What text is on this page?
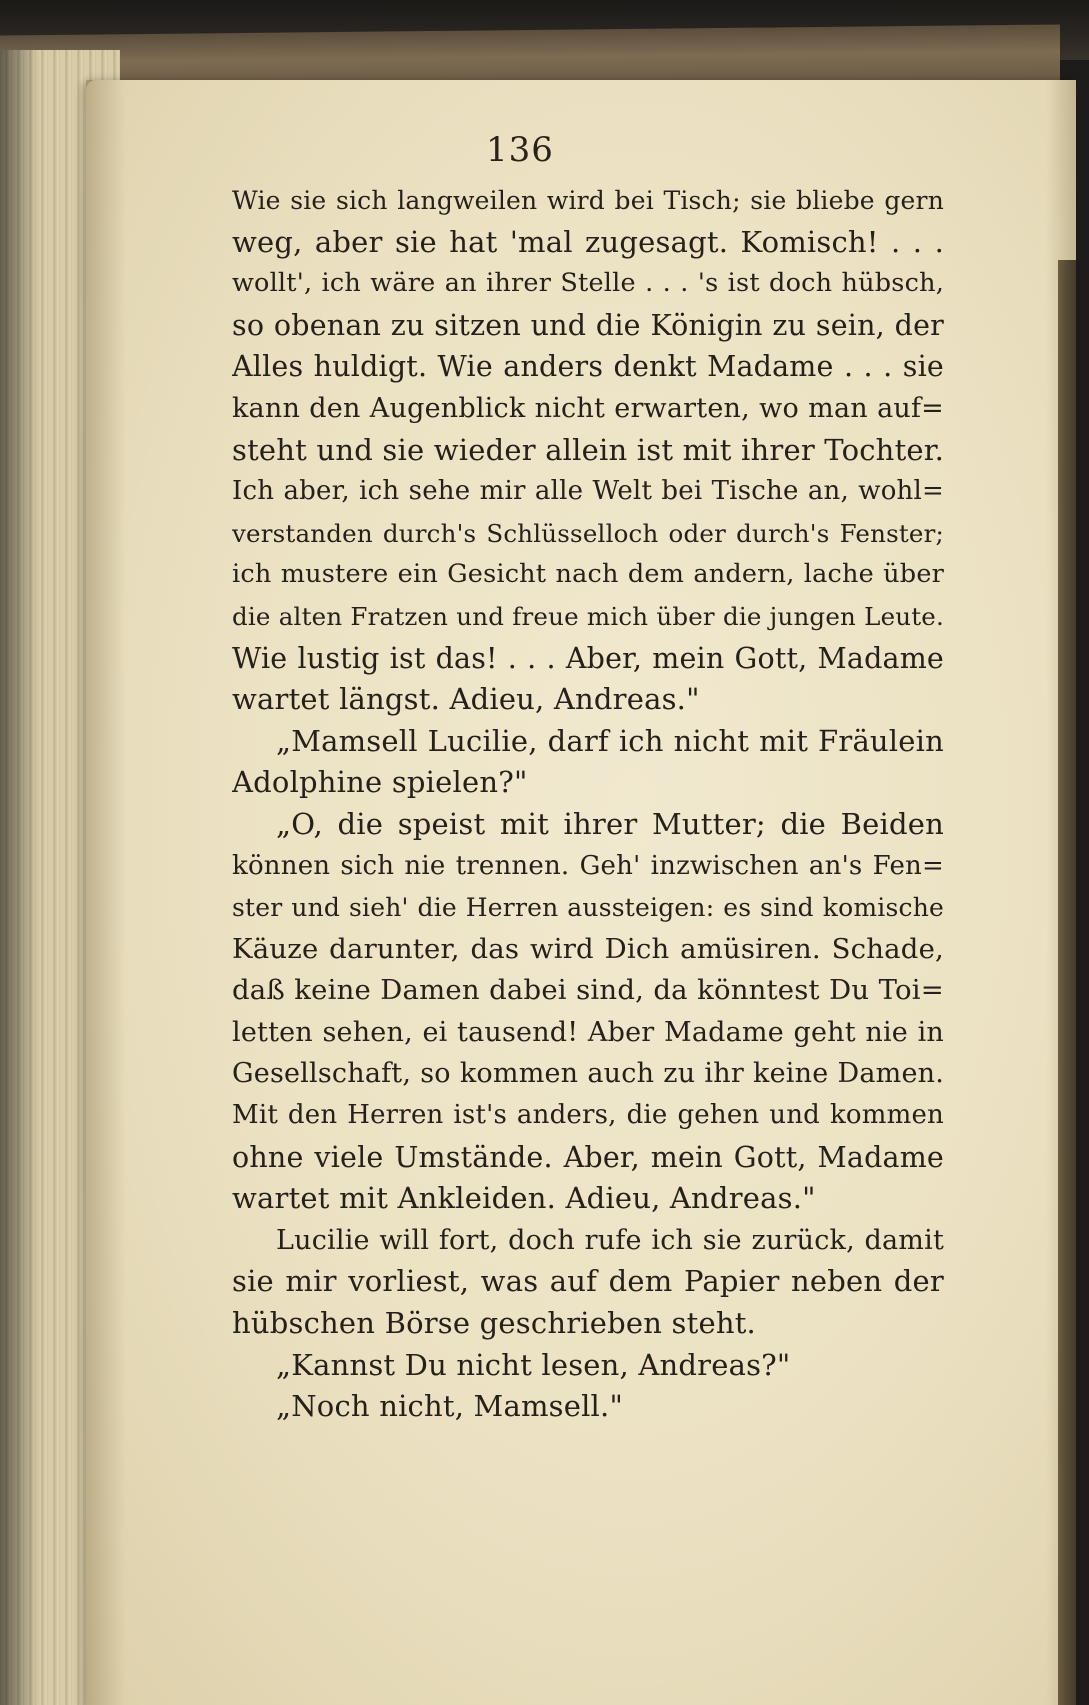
136
Wie sie sich langweilen wird bei Tisch; sie bliebe gern
weg, aber sie hat 'mal zugesagt. Komisch! . . .
wollt', ich wäre an ihrer Stelle . . . 's ist doch hübsch,
so obenan zu sitzen und die Königin zu sein, der
Alles huldigt. Wie anders denkt Madame . . . sie
kann den Augenblick nicht erwarten, wo man auf=
steht und sie wieder allein ist mit ihrer Tochter.
Ich aber, ich sehe mir alle Welt bei Tische an, wohl=
verstanden durch's Schlüsselloch oder durch's Fenster;
ich mustere ein Gesicht nach dem andern, lache über
die alten Fratzen und freue mich über die jungen Leute.
Wie lustig ist das! . . . Aber, mein Gott, Madame
wartet längst. Adieu, Andreas."
„Mamsell Lucilie, darf ich nicht mit Fräulein
Adolphine spielen?"
„O, die speist mit ihrer Mutter; die Beiden
können sich nie trennen. Geh' inzwischen an's Fen=
ster und sieh' die Herren aussteigen: es sind komische
Käuze darunter, das wird Dich amüsiren. Schade,
daß keine Damen dabei sind, da könntest Du Toi=
letten sehen, ei tausend! Aber Madame geht nie in
Gesellschaft, so kommen auch zu ihr keine Damen.
Mit den Herren ist's anders, die gehen und kommen
ohne viele Umstände. Aber, mein Gott, Madame
wartet mit Ankleiden. Adieu, Andreas."
Lucilie will fort, doch rufe ich sie zurück, damit
sie mir vorliest, was auf dem Papier neben der
hübschen Börse geschrieben steht.
„Kannst Du nicht lesen, Andreas?"
„Noch nicht, Mamsell."
